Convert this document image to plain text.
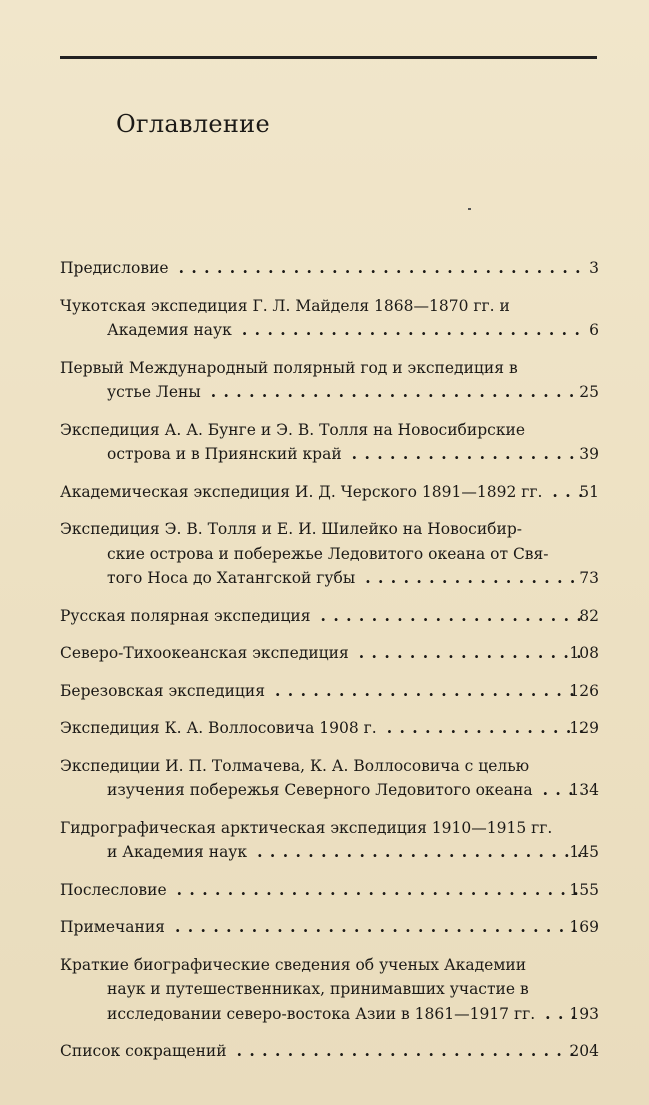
Оглавление
Предисловие . . .	3
Чукотская экспедиция Г. Л. Майделя 1868—1870 гг. и
Академия наук . . .	6
Первый Международный полярный год и экспедиция в
устье Лены . . .	25
Экспедиция А. А. Бунге и Э. В. Толля на Новосибирские
острова и в Приянский край . . .	39
Академическая экспедиция И. Д. Черского 1891—1892 гг. . . .	51
Экспедиция Э. В. Толля и Е. И. Шилейко на Новосибир-
ские острова и побережье Ледовитого океана от Свя-
того Носа до Хатангской губы . . .	73
Русская полярная экспедиция . . .	82
Северо-Тихоокеанская экспедиция . . .	108
Березовская экспедиция . . .	126
Экспедиция К. А. Воллосовича 1908 г. . . .	129
Экспедиции И. П. Толмачева, К. А. Воллосовича с целью
изучения побережья Северного Ледовитого океана . . .	134
Гидрографическая арктическая экспедиция 1910—1915 гг.
и Академия наук . . .	145
Послесловие . . .	155
Примечания . . .	169
Краткие биографические сведения об ученых Академии
наук и путешественниках, принимавших участие в
исследовании северо-востока Азии в 1861—1917 гг. . . .	193
Список сокращений . . .	204
